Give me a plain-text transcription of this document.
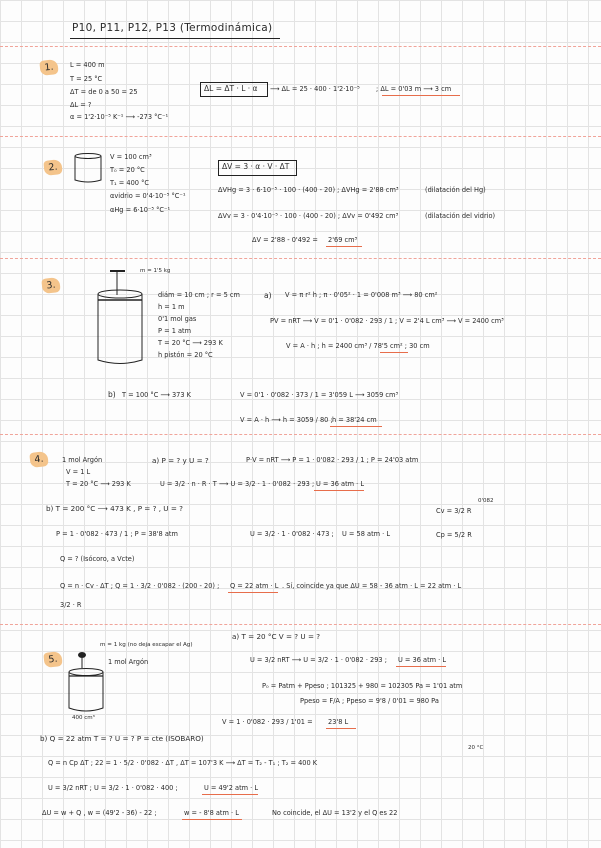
P10, P11, P12, P13 (Termodinámica)
1.	L = 400 m
T = 25 °C
ΔT = de 0 a 50 = 25
ΔL = ?
α = 1'2·10⁻⁵ K⁻¹ ⟶ -273 °C⁻¹
ΔL = ΔT · L · α ⟶ ΔL = 25 · 400 · 1'2·10⁻⁵ ; ΔL = 0'03 m ⟶ 3 cm
2.
V = 100 cm³
T₀ = 20 °C
T₁ = 400 °C
αvidrio = 0'4·10⁻⁵ °C⁻¹
αHg = 6·10⁻⁵ °C⁻¹
ΔV = 3 · α · V · ΔT
ΔVHg = 3 · 6·10⁻⁵ · 100 · (400 - 20) ; ΔVHg = 2'88 cm³	(dilatación del Hg)
ΔVv = 3 · 0'4·10⁻⁵ · 100 · (400 - 20) ; ΔVv = 0'492 cm³	(dilatación del vidrio)
ΔV = 2'88 - 0'492 = 2'69 cm³
3.
m = 1'5 kg
diám = 10 cm ; r = 5 cm
h = 1 m
0'1 mol gas
P = 1 atm
T = 20 °C ⟶ 293 K
h pistón = 20 °C
a) V = π r² h ; π · 0'05² · 1 = 0'008 m³ ⟶ 80 cm²
PV = nRT ⟶ V = 0'1 · 0'082 · 293 / 1 ; V = 2'4 L cm³ ⟶ V = 2400 cm³
V = A · h ; h = 2400 cm³ / 78'5 cm² ; 30 cm
b) T = 100 °C ⟶ 373 K	V = 0'1 · 0'082 · 373 / 1 = 3'059 L ⟶ 3059 cm³
V = A · h ⟶ h = 3059 / 80 ; h = 38'24 cm
4.	1 mol Argón
V = 1 L
T = 20 °C ⟶ 293 K
a) P = ? y U = ?	P·V = nRT ⟶ P = 1 · 0'082 · 293 / 1 ; P = 24'03 atm
U = 3/2 · n · R · T ⟶ U = 3/2 · 1 · 0'082 · 293 ; U = 36 atm · L
b) T = 200 °C ⟶ 473 K , P = ? , U = ?
P = 1 · 0'082 · 473 / 1 ; P = 38'8 atm	U = 3/2 · 1 · 0'082 · 473 ; U = 58 atm · L
0'082
Cv = 3/2 R
Cp = 5/2 R
Q = ? (Isócoro, a Vcte)
Q = n · Cv · ΔT ; Q = 1 · 3/2 · 0'082 · (200 - 20) ; Q = 22 atm · L . Sí, coincide ya que ΔU = 58 - 36 atm · L = 22 atm · L
3/2 · R
5.
m = 1 kg (no deja escapar el Ag)
1 mol Argón
400 cm³
a) T = 20 °C V = ? U = ?
U = 3/2 nRT ⟶ U = 3/2 · 1 · 0'082 · 293 ; U = 36 atm · L
P₀ = Patm + Ppeso ; 101325 + 980 = 102305 Pa = 1'01 atm
Ppeso = F/A ; Ppeso = 9'8 / 0'01 = 980 Pa
V = 1 · 0'082 · 293 / 1'01 = 23'8 L
b) Q = 22 atm T = ? U = ? P = cte (ISOBARO)
20 °C
Q = n Cp ΔT ; 22 = 1 · 5/2 · 0'082 · ΔT , ΔT = 107'3 K ⟶ ΔT = T₂ - T₁ ; T₂ = 400 K
U = 3/2 nRT ; U = 3/2 · 1 · 0'082 · 400 ;	U = 49'2 atm · L
ΔU = w + Q , w = (49'2 - 36) - 22 ;	w = - 8'8 atm · L	No coincide, el ΔU = 13'2 y el Q es 22
